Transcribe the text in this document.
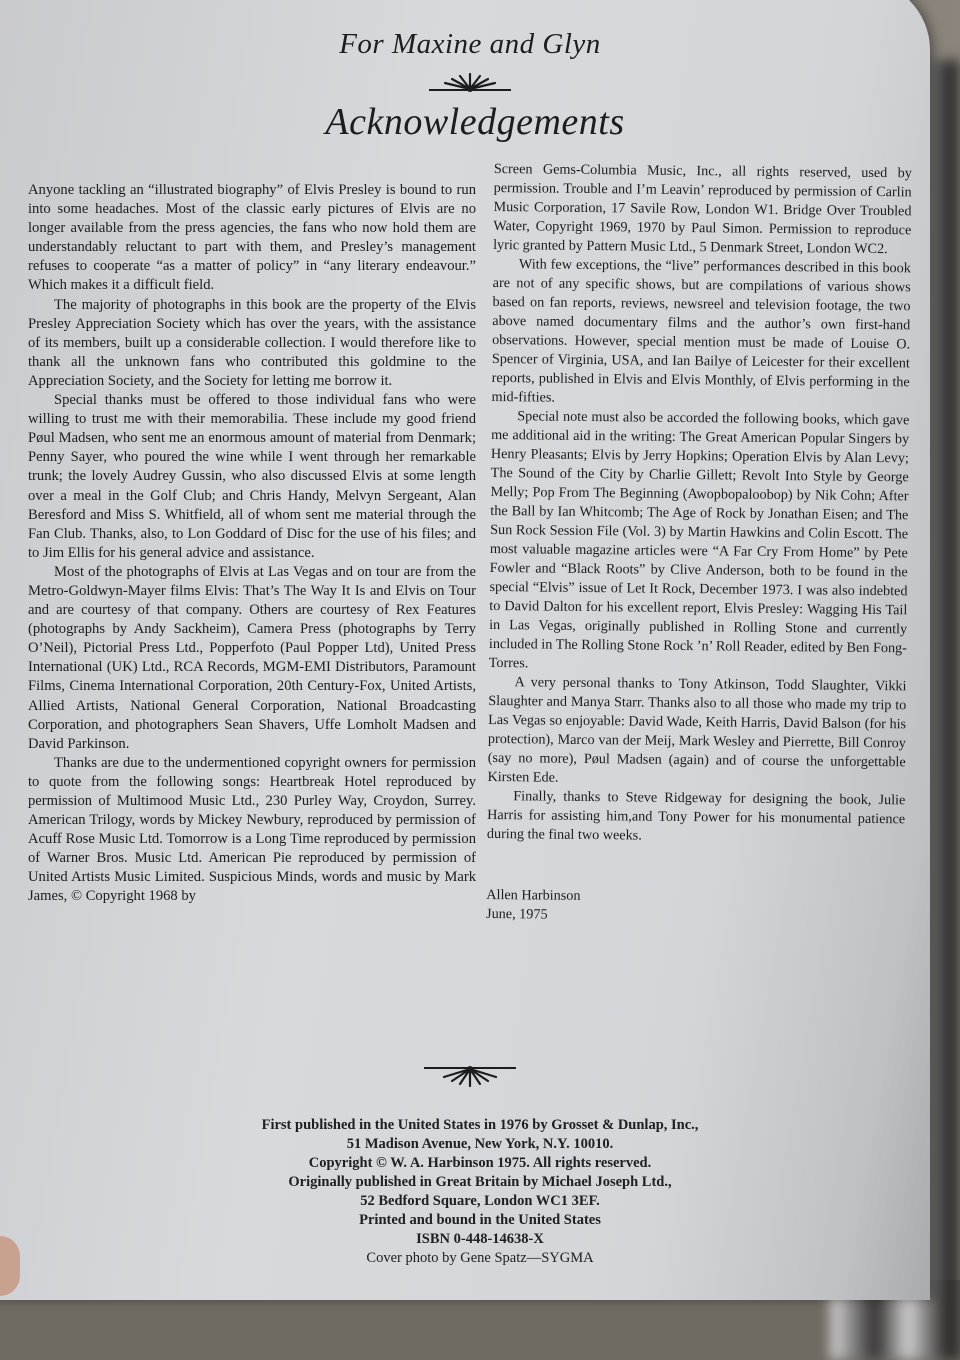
For Maxine and Glyn
Acknowledgements

Anyone tackling an “illustrated biography” of Elvis Presley is bound to run into some headaches. Most of the classic early pictures of Elvis are no longer available from the press agencies, the fans who now hold them are understandably reluctant to part with them, and Presley’s management refuses to cooperate “as a matter of policy” in “any literary endeavour.” Which makes it a difficult field.

The majority of photographs in this book are the property of the Elvis Presley Appreciation Society which has over the years, with the assistance of its members, built up a considerable collection. I would therefore like to thank all the unknown fans who contributed this goldmine to the Appreciation Society, and the Society for letting me borrow it.

Special thanks must be offered to those individual fans who were willing to trust me with their memorabilia. These include my good friend Pøul Madsen, who sent me an enormous amount of material from Denmark; Penny Sayer, who poured the wine while I went through her remarkable trunk; the lovely Audrey Gussin, who also discussed Elvis at some length over a meal in the Golf Club; and Chris Handy, Melvyn Sergeant, Alan Beresford and Miss S. Whitfield, all of whom sent me material through the Fan Club. Thanks, also, to Lon Goddard of Disc for the use of his files; and to Jim Ellis for his general advice and assistance.

Most of the photographs of Elvis at Las Vegas and on tour are from the Metro-Goldwyn-Mayer films Elvis: That’s The Way It Is and Elvis on Tour and are courtesy of that company. Others are courtesy of Rex Features (photographs by Andy Sackheim), Camera Press (photographs by Terry O’Neil), Pictorial Press Ltd., Popperfoto (Paul Popper Ltd), United Press International (UK) Ltd., RCA Records, MGM-EMI Distributors, Paramount Films, Cinema International Corporation, 20th Century-Fox, United Artists, Allied Artists, National General Corporation, National Broadcasting Corporation, and photographers Sean Shavers, Uffe Lomholt Madsen and David Parkinson.

Thanks are due to the undermentioned copyright owners for permission to quote from the following songs: Heartbreak Hotel reproduced by permission of Multimood Music Ltd., 230 Purley Way, Croydon, Surrey. American Trilogy, words by Mickey Newbury, reproduced by permission of Acuff Rose Music Ltd. Tomorrow is a Long Time reproduced by permission of Warner Bros. Music Ltd. American Pie reproduced by permission of United Artists Music Limited. Suspicious Minds, words and music by Mark James, © Copyright 1968 by

Screen Gems-Columbia Music, Inc., all rights reserved, used by permission. Trouble and I’m Leavin’ reproduced by permission of Carlin Music Corporation, 17 Savile Row, London W1. Bridge Over Troubled Water, Copyright 1969, 1970 by Paul Simon. Permission to reproduce lyric granted by Pattern Music Ltd., 5 Denmark Street, London WC2.

With few exceptions, the “live” performances described in this book are not of any specific shows, but are compilations of various shows based on fan reports, reviews, newsreel and television footage, the two above named documentary films and the author’s own first-hand observations. However, special mention must be made of Louise O. Spencer of Virginia, USA, and Ian Bailye of Leicester for their excellent reports, published in Elvis and Elvis Monthly, of Elvis performing in the mid-fifties.

Special note must also be accorded the following books, which gave me additional aid in the writing: The Great American Popular Singers by Henry Pleasants; Elvis by Jerry Hopkins; Operation Elvis by Alan Levy; The Sound of the City by Charlie Gillett; Revolt Into Style by George Melly; Pop From The Beginning (Awopbopaloobop) by Nik Cohn; After the Ball by Ian Whitcomb; The Age of Rock by Jonathan Eisen; and The Sun Rock Session File (Vol. 3) by Martin Hawkins and Colin Escott. The most valuable magazine articles were “A Far Cry From Home” by Pete Fowler and “Black Roots” by Clive Anderson, both to be found in the special “Elvis” issue of Let It Rock, December 1973. I was also indebted to David Dalton for his excellent report, Elvis Presley: Wagging His Tail in Las Vegas, originally published in Rolling Stone and currently included in The Rolling Stone Rock ’n’ Roll Reader, edited by Ben Fong-Torres.

A very personal thanks to Tony Atkinson, Todd Slaughter, Vikki Slaughter and Manya Starr. Thanks also to all those who made my trip to Las Vegas so enjoyable: David Wade, Keith Harris, David Balson (for his protection), Marco van der Meij, Mark Wesley and Pierrette, Bill Conroy (say no more), Pøul Madsen (again) and of course the unforgettable Kirsten Ede.

Finally, thanks to Steve Ridgeway for designing the book, Julie Harris for assisting him,and Tony Power for his monumental patience during the final two weeks.

Allen Harbinson
June, 1975
First published in the United States in 1976 by Grosset & Dunlap, Inc.,
51 Madison Avenue, New York, N.Y. 10010.
Copyright © W. A. Harbinson 1975. All rights reserved.
Originally published in Great Britain by Michael Joseph Ltd.,
52 Bedford Square, London WC1 3EF.
Printed and bound in the United States
ISBN 0-448-14638-X
Cover photo by Gene Spatz—SYGMA
